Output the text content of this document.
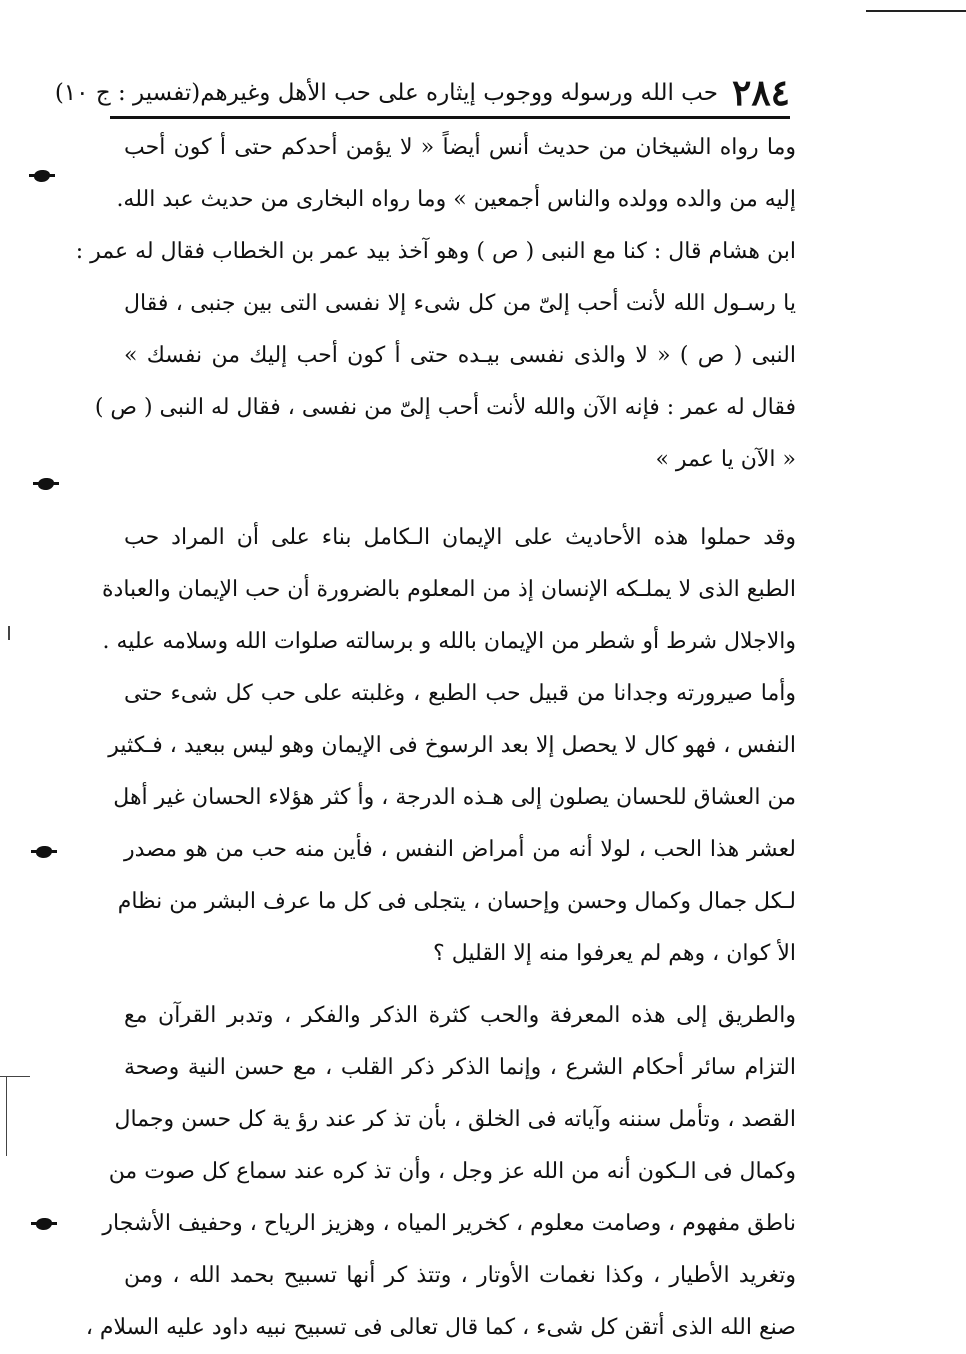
٢٨٤
حب الله ورسوله ووجوب إيثاره على حب الأهل وغيرهم
(تفسير : ج ١٠)
وما رواه الشيخان من حديث أنس أيضاً « لا يؤمن أحدكم حتى أ كون أحب
إليه من والده وولده والناس أجمعين » وما رواه البخارى من حديث عبد الله.
ابن هشام قال : كنا مع النبى ( ص ) وهو آخذ بيد عمر بن الخطاب فقال له عمر :
يا رسـول الله لأنت أحب إلىّ من كل شىء إلا نفسى التى بين جنبى ، فقال
النبى ( ص ) « لا والذى نفسى بيـده حتى أ كون أحب إليك من نفسك »
فقال له عمر : فإنه الآن والله لأنت أحب إلىّ من نفسى ، فقال له النبى ( ص )
« الآن يا عمر »
وقد حملوا هذه الأحاديث على الإيمان الـكامل بناء على أن المراد حب
الطبع الذى لا يملـكه الإنسان إذ من المعلوم بالضرورة أن حب الإيمان والعبادة
والاجلال شرط أو شطر من الإيمان بالله و برسالته صلوات الله وسلامه عليه .
وأما صيرورته وجدانا من قبيل حب الطبع ، وغلبته على حب كل شىء حتى
النفس ، فهو كال لا يحصل إلا بعد الرسوخ فى الإيمان وهو ليس ببعيد ، فـكثير
من العشاق للحسان يصلون إلى هـذه الدرجة ، وأ كثر هؤلاء الحسان غير أهل
لعشر هذا الحب ، لولا أنه من أمراض النفس ، فأين منه حب من هو مصدر
لـكل جمال وكمال وحسن وإحسان ، يتجلى فى كل ما عرف البشر من نظام
الأ كوان ، وهم لم يعرفوا منه إلا القليل ؟
والطريق إلى هذه المعرفة والحب كثرة الذكر والفكر ، وتدبر القرآن مع
التزام سائر أحكام الشرع ، وإنما الذكر ذكر القلب ، مع حسن النية وصحة
القصد ، وتأمل سننه وآياته فى الخلق ، بأن تذ كر عند رؤ ية كل حسن وجمال
وكمال فى الـكون أنه من الله عز وجل ، وأن تذ كره عند سماع كل صوت من
ناطق مفهوم ، وصامت معلوم ، كخرير المياه ، وهزيز الرياح ، وحفيف الأشجار
وتغريد الأطيار ، وكذا نغمات الأوتار ، وتتذ كر أنها تسبيح بحمد الله ، ومن
صنع الله الذى أتقن كل شىء ، كما قال تعالى فى تسبيح نبيه داود عليه السلام ،
